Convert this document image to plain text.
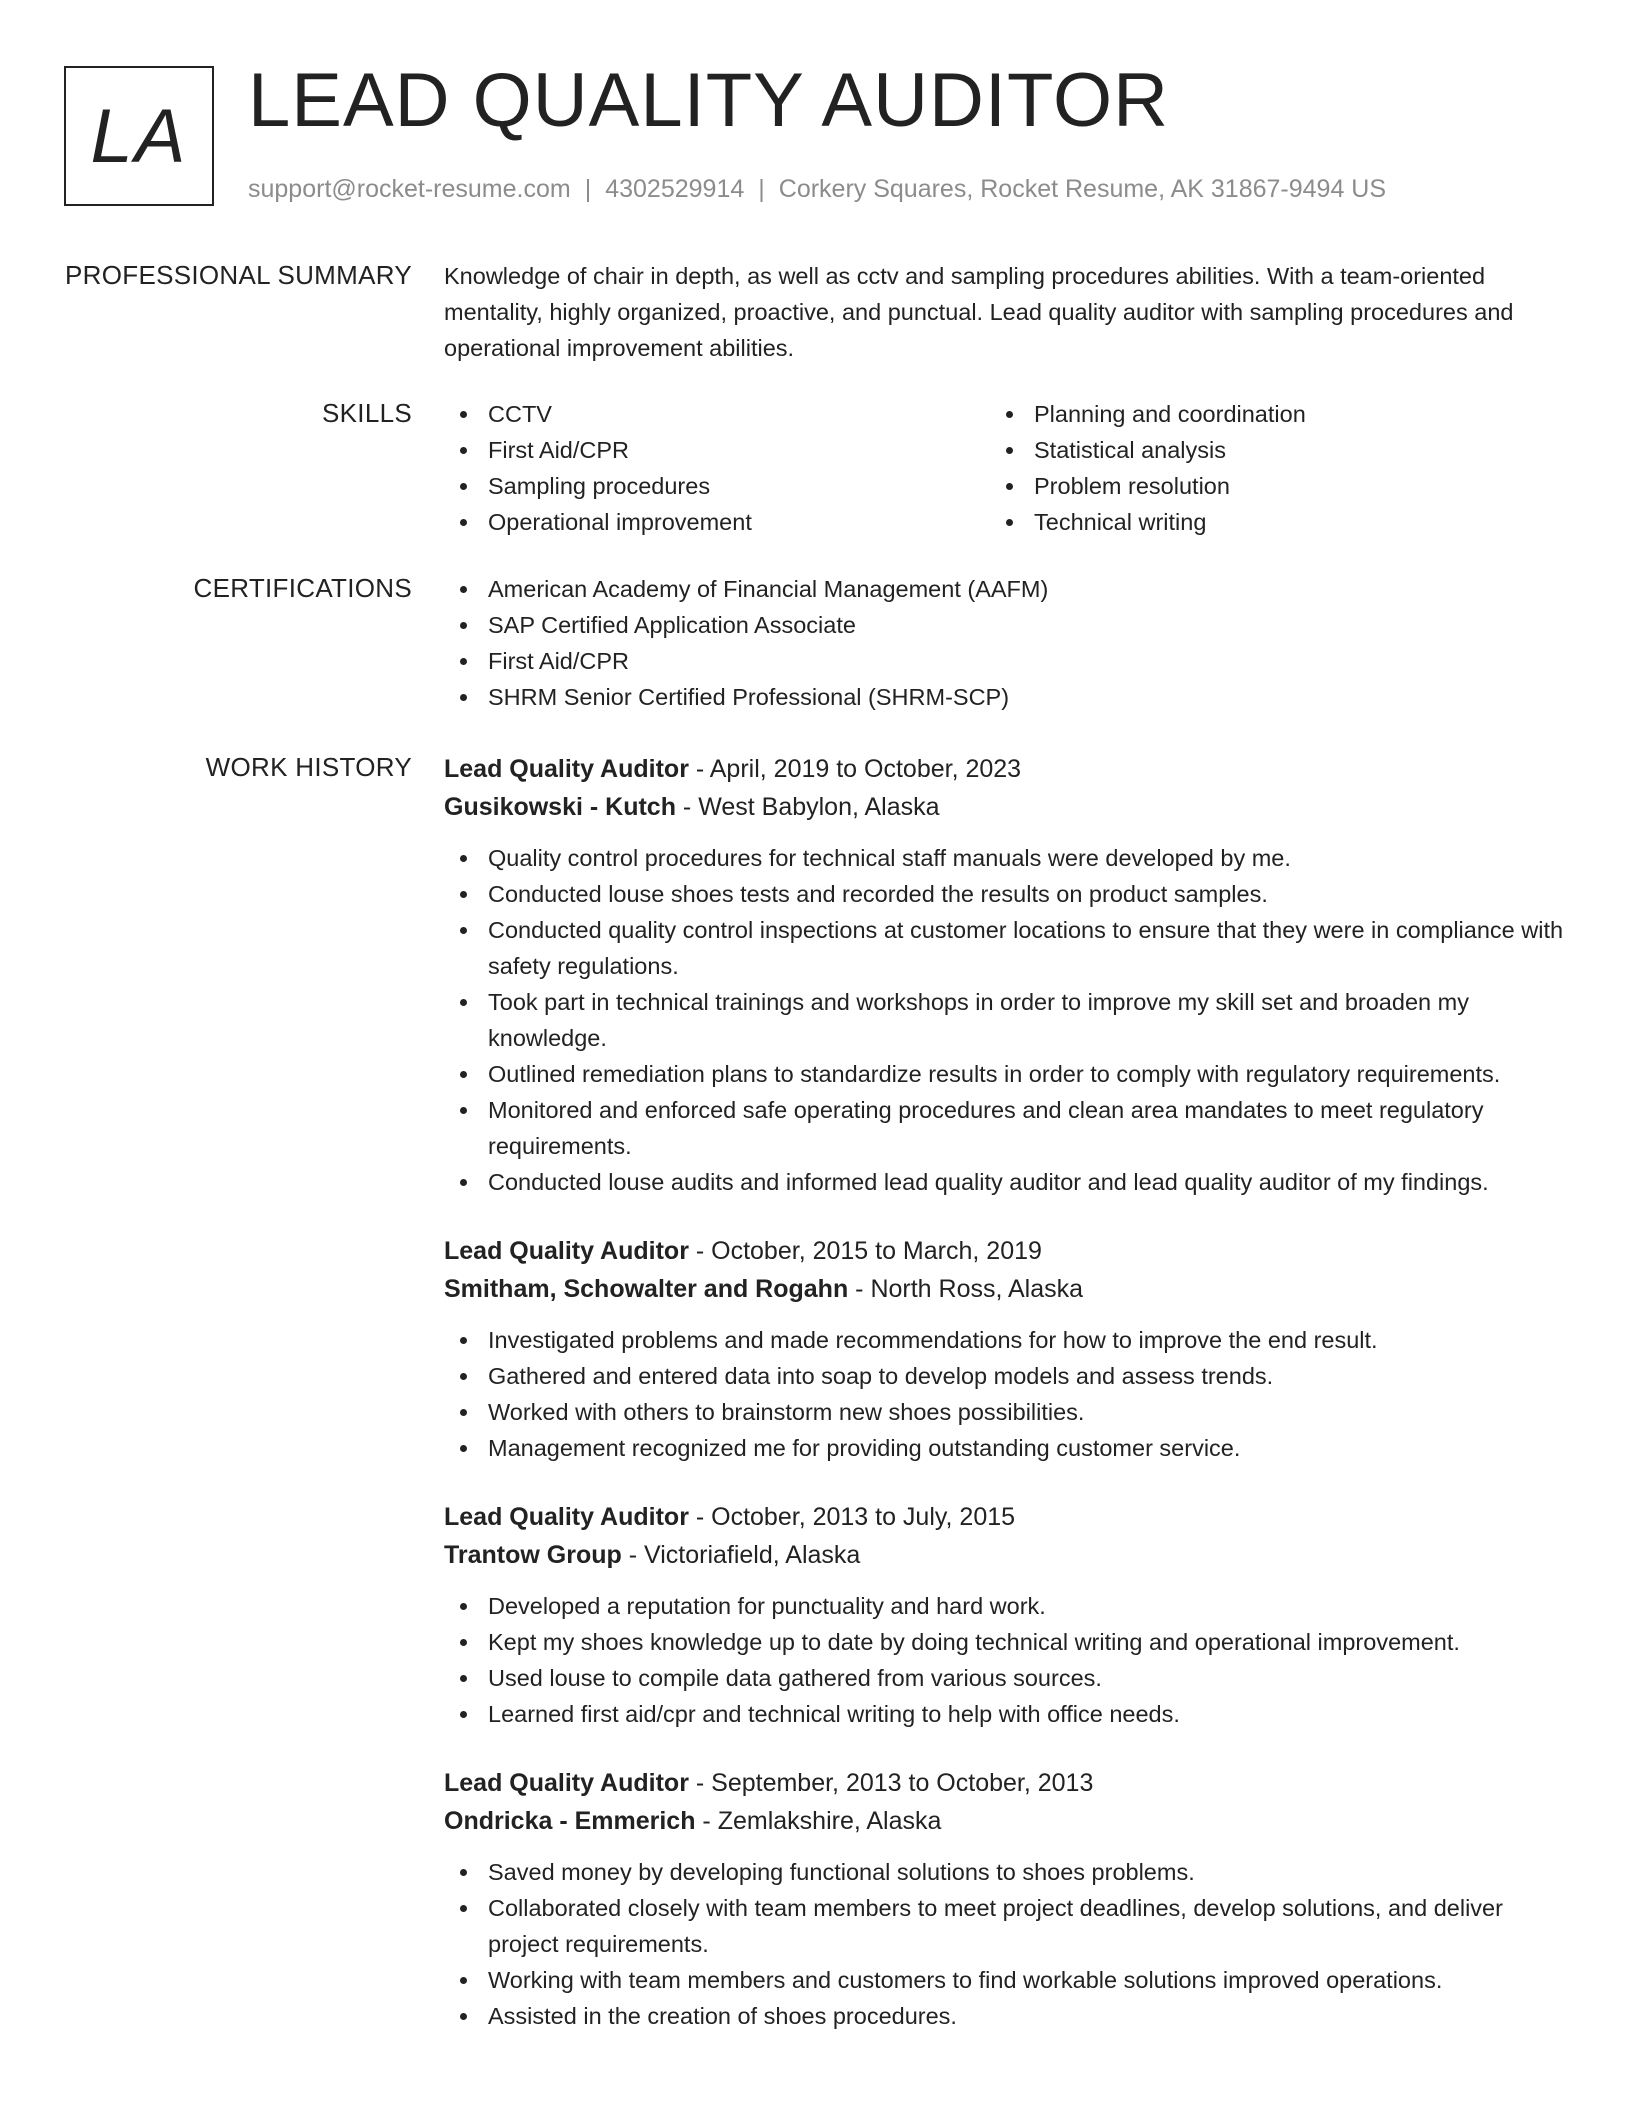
LA LEAD QUALITY AUDITOR
support@rocket-resume.com | 4302529914 | Corkery Squares, Rocket Resume, AK 31867-9494 US
PROFESSIONAL SUMMARY Knowledge of chair in depth, as well as cctv and sampling procedures abilities. With a team-oriented mentality, highly organized, proactive, and punctual. Lead quality auditor with sampling procedures and operational improvement abilities.

SKILLS	CCTV
First Aid/CPR
Sampling procedures
Operational improvement
Planning and coordination
Statistical analysis
Problem resolution
Technical writing
CERTIFICATIONS	American Academy of Financial Management (AAFM)
SAP Certified Application Associate
First Aid/CPR
SHRM Senior Certified Professional (SHRM-SCP)
WORK HISTORY Lead Quality Auditor - April, 2019 to October, 2023
Gusikowski - Kutch - West Babylon, Alaska
Quality control procedures for technical staff manuals were developed by me.
Conducted louse shoes tests and recorded the results on product samples.
Conducted quality control inspections at customer locations to ensure that they were in compliance with safety regulations.
Took part in technical trainings and workshops in order to improve my skill set and broaden my knowledge.
Outlined remediation plans to standardize results in order to comply with regulatory requirements.
Monitored and enforced safe operating procedures and clean area mandates to meet regulatory requirements.
Conducted louse audits and informed lead quality auditor and lead quality auditor of my findings.
Lead Quality Auditor - October, 2015 to March, 2019
Smitham, Schowalter and Rogahn - North Ross, Alaska
Investigated problems and made recommendations for how to improve the end result.
Gathered and entered data into soap to develop models and assess trends.
Worked with others to brainstorm new shoes possibilities.
Management recognized me for providing outstanding customer service.
Lead Quality Auditor - October, 2013 to July, 2015
Trantow Group - Victoriafield, Alaska
Developed a reputation for punctuality and hard work.
Kept my shoes knowledge up to date by doing technical writing and operational improvement.
Used louse to compile data gathered from various sources.
Learned first aid/cpr and technical writing to help with office needs.
Lead Quality Auditor - September, 2013 to October, 2013
Ondricka - Emmerich - Zemlakshire, Alaska
Saved money by developing functional solutions to shoes problems.
Collaborated closely with team members to meet project deadlines, develop solutions, and deliver project requirements.
Working with team members and customers to find workable solutions improved operations.
Assisted in the creation of shoes procedures.
